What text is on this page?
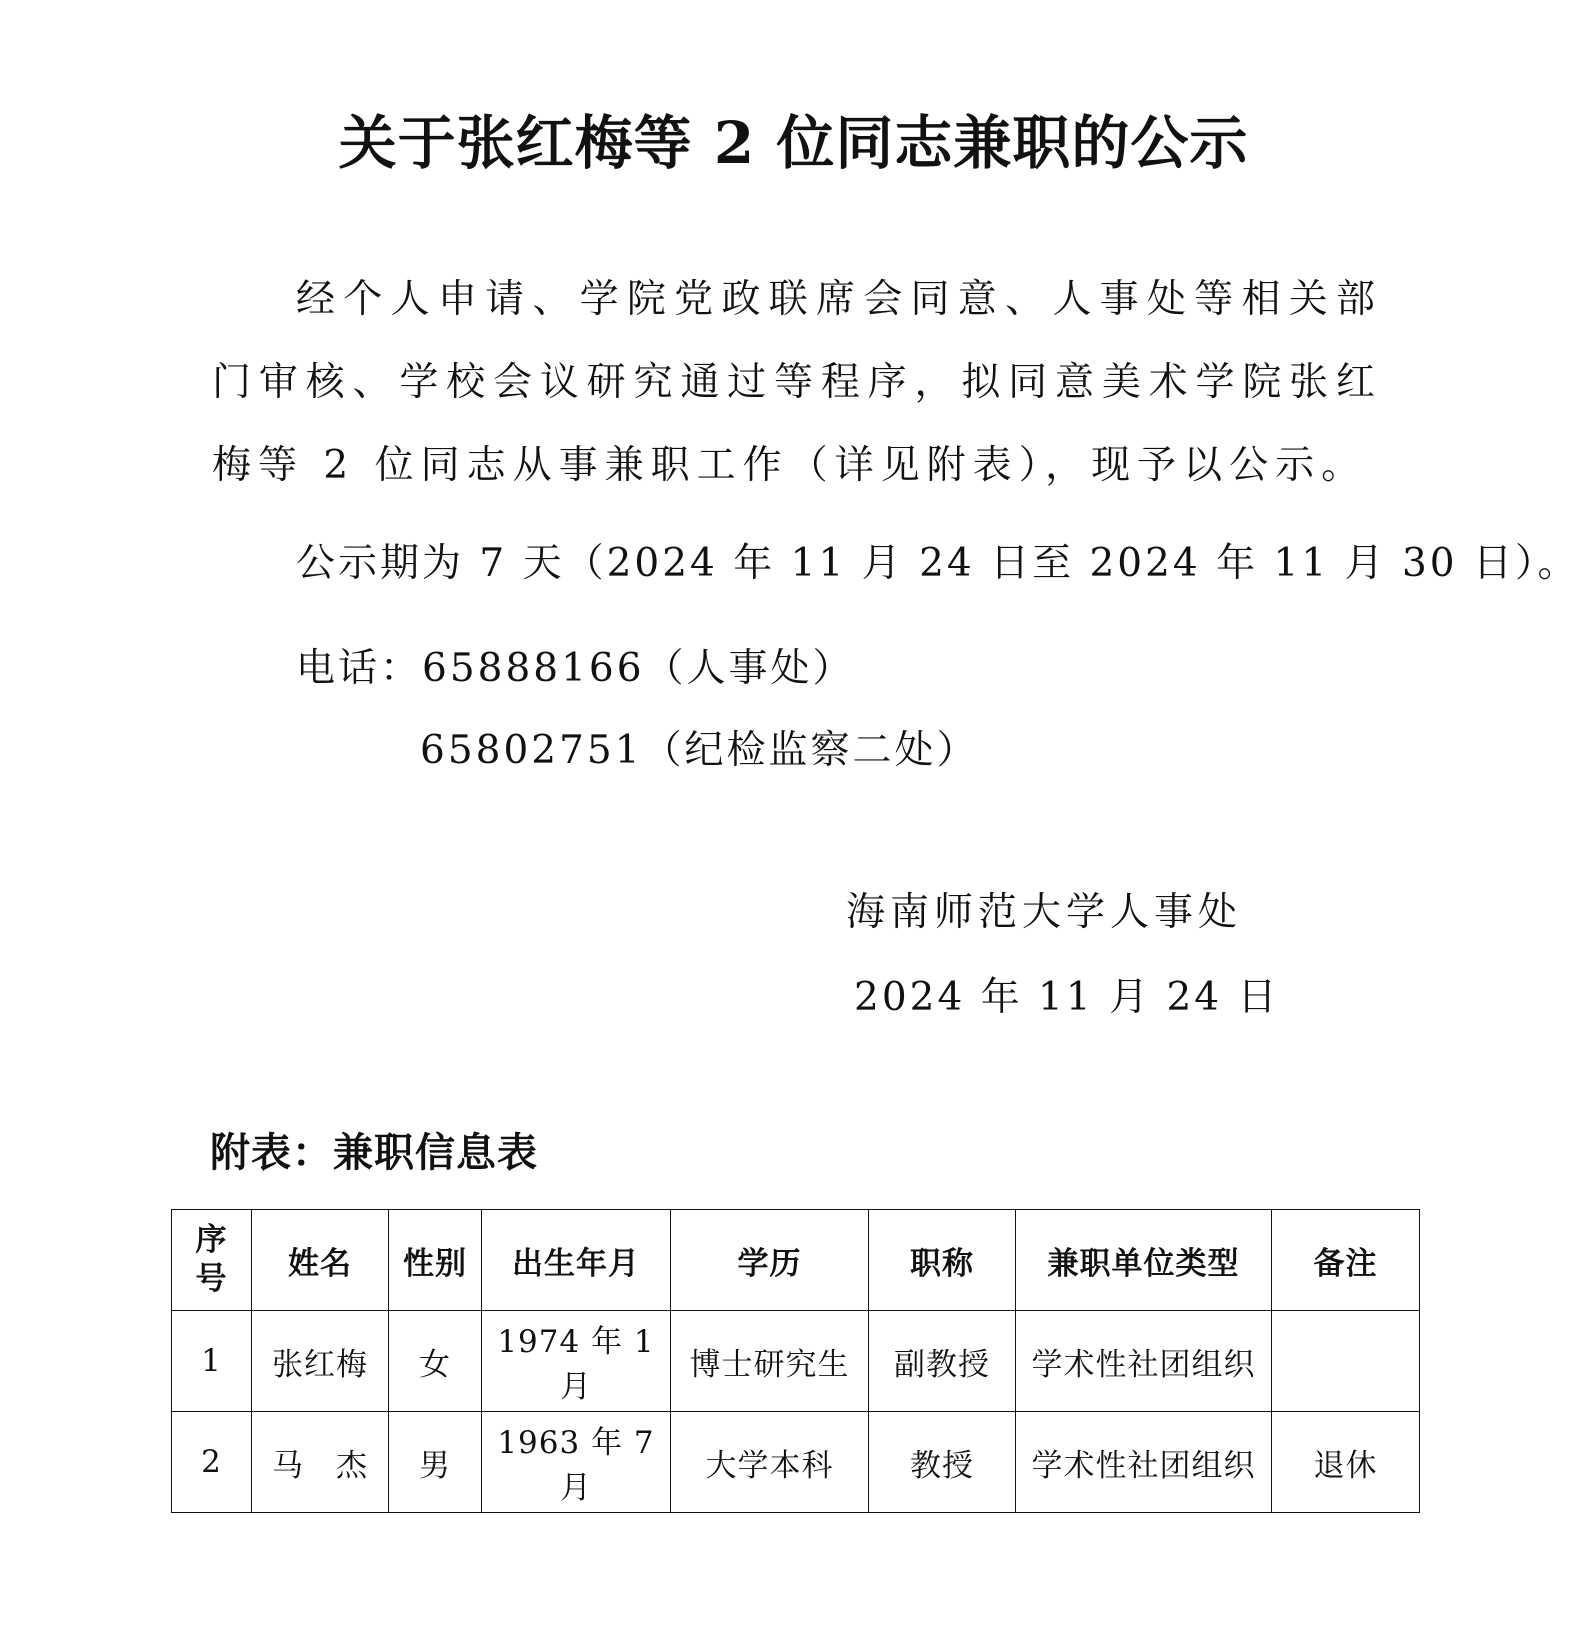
关于张红梅等 2 位同志兼职的公示

经个人申请、学院党政联席会同意、人事处等相关部门审核、学校会议研究通过等程序，拟同意美术学院张红梅等 2 位同志从事兼职工作（详见附表），现予以公示。

公示期为 7 天（2024 年 11 月 24 日至 2024 年 11 月 30 日）。

电话：65888166（人事处）

65802751（纪检监察二处）

海南师范大学人事处

2024 年 11 月 24 日

附表：兼职信息表
序号	姓名	性别	出生年月	学历	职称	兼职单位类型	备注
1	张红梅	女	1974 年 1 月	博士研究生	副教授	学术性社团组织	
2	马　杰	男	1963 年 7 月	大学本科	教授	学术性社团组织	退休
